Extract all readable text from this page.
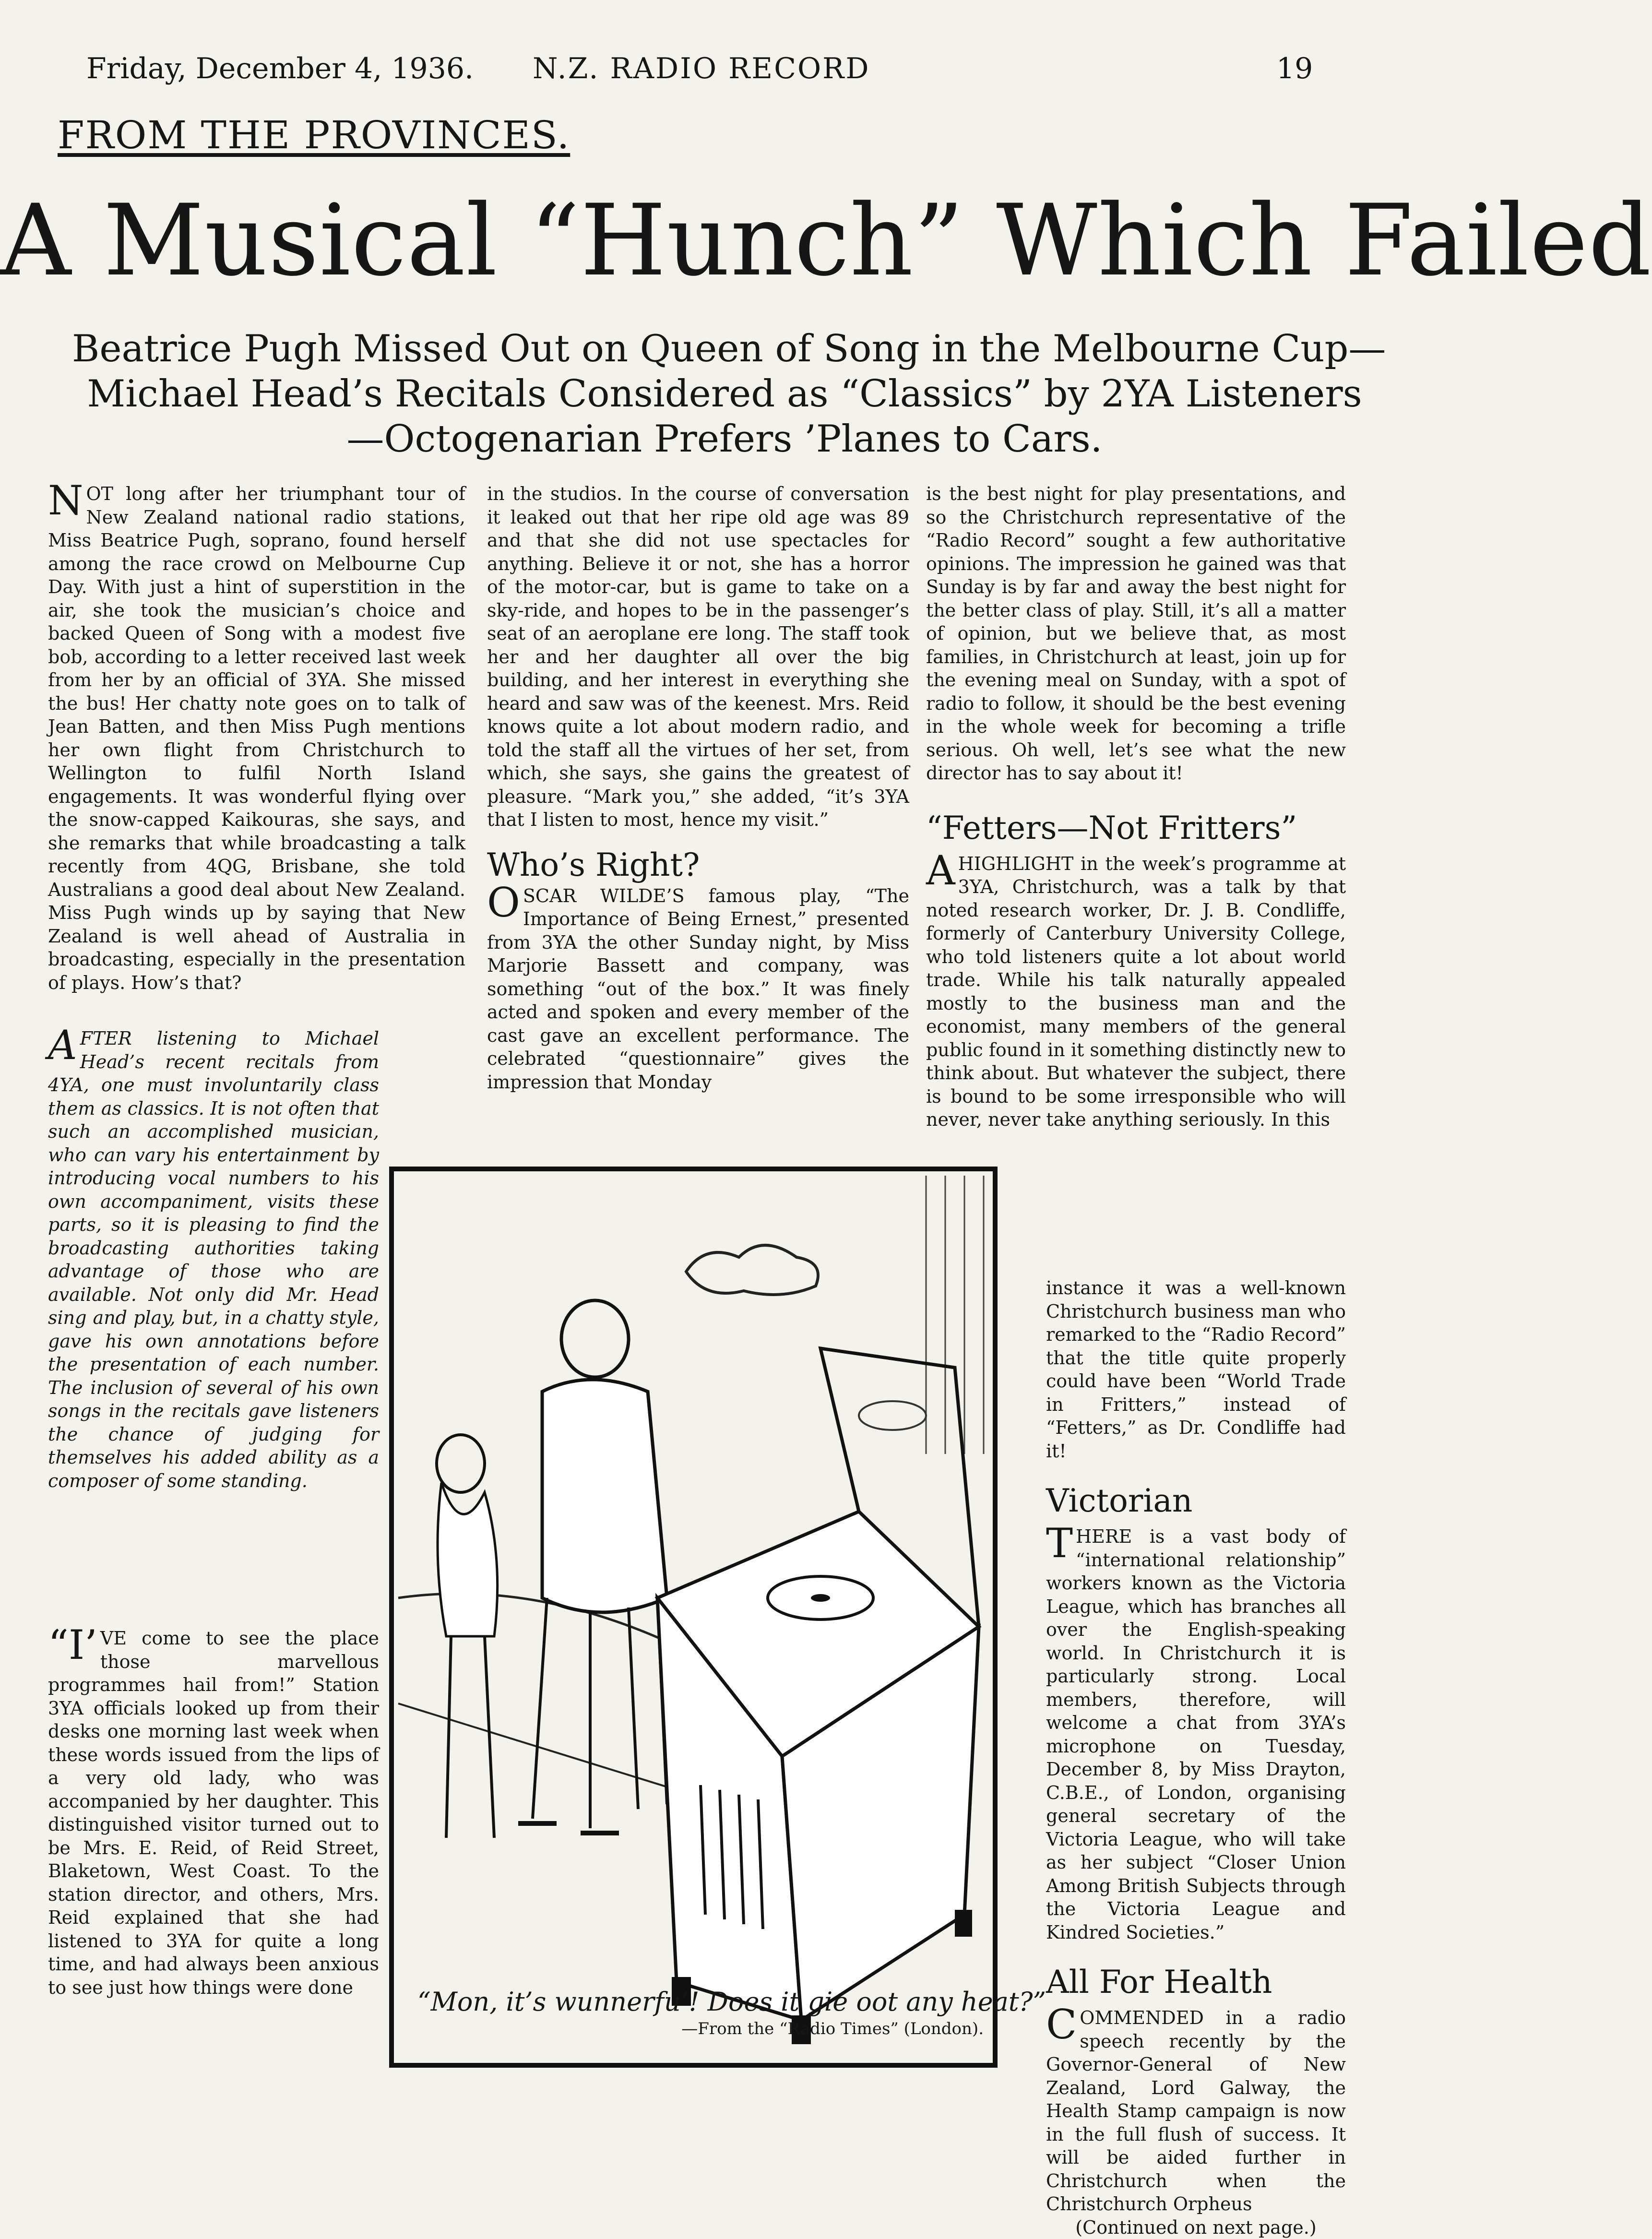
Friday, December 4, 1936. N.Z. RADIO RECORD	19
FROM THE PROVINCES.
A Musical “Hunch” Which Failed
Beatrice Pugh Missed Out on Queen of Song in the Melbourne Cup—
Michael Head’s Recitals Considered as “Classics” by 2YA Listeners
—Octogenarian Prefers ’Planes to Cars.

NOT long after her triumphant tour of New Zealand national radio stations, Miss Beatrice Pugh, soprano, found herself among the race crowd on Melbourne Cup Day. With just a hint of superstition in the air, she took the musician’s choice and backed Queen of Song with a modest five bob, according to a letter received last week from her by an official of 3YA. She missed the bus! Her chatty note goes on to talk of Jean Batten, and then Miss Pugh mentions her own flight from Christchurch to Wellington to fulfil North Island engagements. It was wonderful flying over the snow-capped Kaikouras, she says, and she remarks that while broadcasting a talk recently from 4QG, Brisbane, she told Australians a good deal about New Zealand. Miss Pugh winds up by saying that New Zealand is well ahead of Australia in broadcasting, especially in the presentation of plays. How’s that?

AFTER listening to Michael Head’s recent recitals from 4YA, one must involuntarily class them as classics. It is not often that such an accomplished musician, who can vary his entertainment by introducing vocal numbers to his own accompaniment, visits these parts, so it is pleasing to find the broadcasting authorities taking advantage of those who are available. Not only did Mr. Head sing and play, but, in a chatty style, gave his own annotations before the presentation of each number. The inclusion of several of his own songs in the recitals gave listeners the chance of judging for themselves his added ability as a composer of some standing.

“I’VE come to see the place those marvellous programmes hail from!” Station 3YA officials looked up from their desks one morning last week when these words issued from the lips of a very old lady, who was accompanied by her daughter. This distinguished visitor turned out to be Mrs. E. Reid, of Reid Street, Blaketown, West Coast. To the station director, and others, Mrs. Reid explained that she had listened to 3YA for quite a long time, and had always been anxious to see just how things were done

in the studios. In the course of conversation it leaked out that her ripe old age was 89 and that she did not use spectacles for anything. Believe it or not, she has a horror of the motor-car, but is game to take on a sky-ride, and hopes to be in the passenger’s seat of an aeroplane ere long. The staff took her and her daughter all over the big building, and her interest in everything she heard and saw was of the keenest. Mrs. Reid knows quite a lot about modern radio, and told the staff all the virtues of her set, from which, she says, she gains the greatest of pleasure. “Mark you,” she added, “it’s 3YA that I listen to most, hence my visit.”

Who’s Right?

OSCAR WILDE’S famous play, “The Importance of Being Ernest,” presented from 3YA the other Sunday night, by Miss Marjorie Bassett and company, was something “out of the box.” It was finely acted and spoken and every member of the cast gave an excellent performance. The celebrated “questionnaire” gives the impression that Monday

is the best night for play presentations, and so the Christchurch representative of the “Radio Record” sought a few authoritative opinions. The impression he gained was that Sunday is by far and away the best night for the better class of play. Still, it’s all a matter of opinion, but we believe that, as most families, in Christchurch at least, join up for the evening meal on Sunday, with a spot of radio to follow, it should be the best evening in the whole week for becoming a trifle serious. Oh well, let’s see what the new director has to say about it!

“Fetters—Not Fritters”

AHIGHLIGHT in the week’s programme at 3YA, Christchurch, was a talk by that noted research worker, Dr. J. B. Condliffe, formerly of Canterbury University College, who told listeners quite a lot about world trade. While his talk naturally appealed mostly to the business man and the economist, many members of the general public found in it something distinctly new to think about. But whatever the subject, there is bound to be some irresponsible who will never, never take anything seriously. In this

instance it was a well-known Christchurch business man who remarked to the “Radio Record” that the title quite properly could have been “World Trade in Fritters,” instead of “Fetters,” as Dr. Condliffe had it!

Victorian

THERE is a vast body of “international relationship” workers known as the Victoria League, which has branches all over the English-speaking world. In Christchurch it is particularly strong. Local members, therefore, will welcome a chat from 3YA’s microphone on Tuesday, December 8, by Miss Drayton, C.B.E., of London, organising general secretary of the Victoria League, who will take as her subject “Closer Union Among British Subjects through the Victoria League and Kindred Societies.”

All For Health

COMMENDED in a radio speech recently by the Governor-General of New Zealand, Lord Galway, the Health Stamp campaign is now in the full flush of success. It will be aided further in Christchurch when the Christchurch Orpheus

(Continued on next page.)

“Mon, it’s wunnerfu’! Does it gie oot any heat?”
—From the “Radio Times” (London).
